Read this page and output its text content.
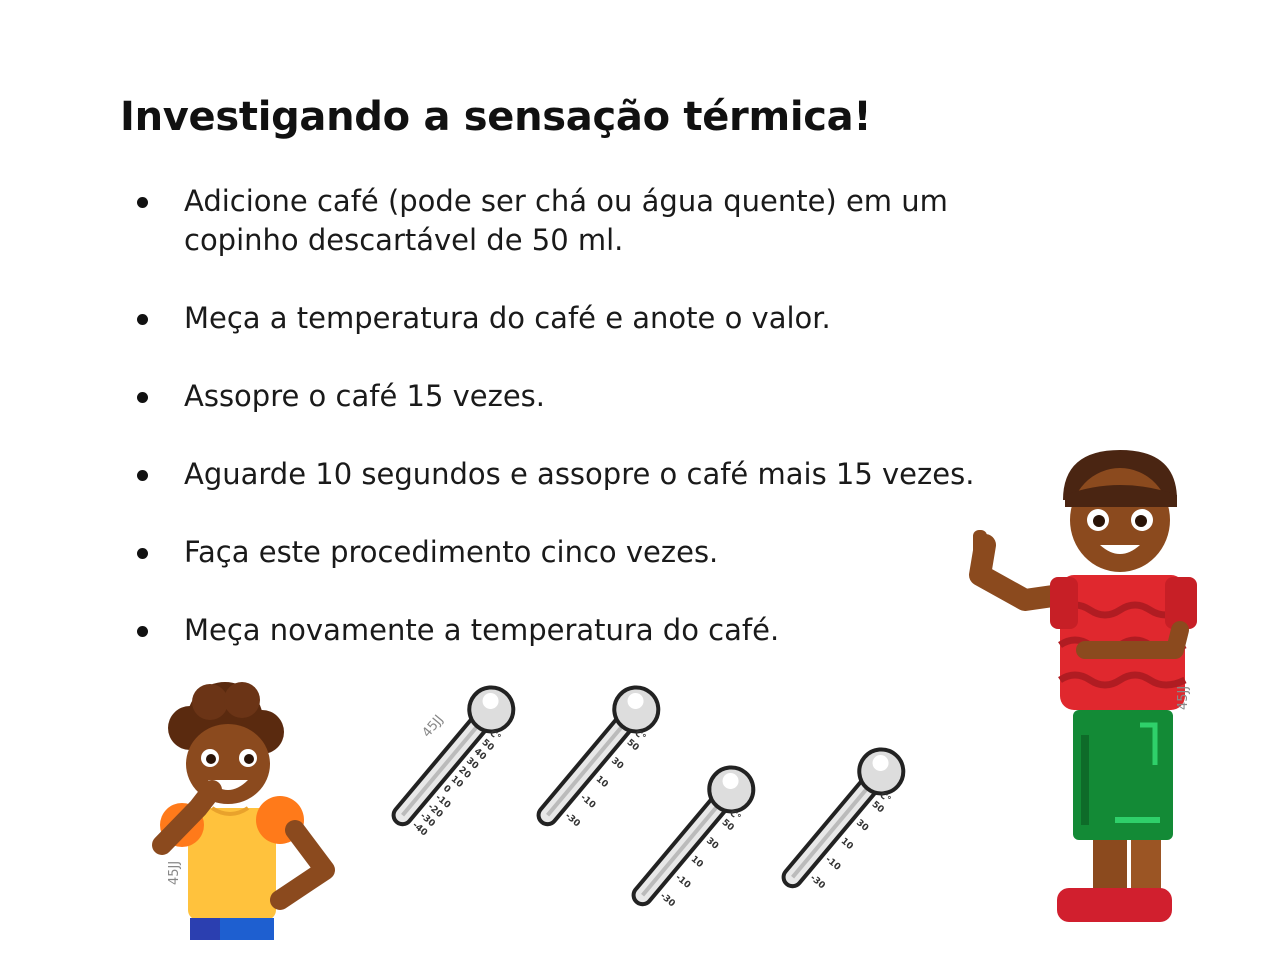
Investigando a sensação térmica!
Adicione café (pode ser chá ou água quente) em um copinho descartável de 50 ml.
Meça a temperatura do café e anote o valor.
Assopre o café 15 vezes.
Aguarde 10 segundos e assopre o café mais 15 vezes.
Faça este procedimento cinco vezes.
Meça novamente a temperatura do café.
45JJ
45JJ
50
40
30
20
10
0
-10
-20
-30
-40
C°
45JJ
50
30
10
-10
-30
C°
50
30
10
-10
-30
C°
50
30
10
-10
-30
C°
